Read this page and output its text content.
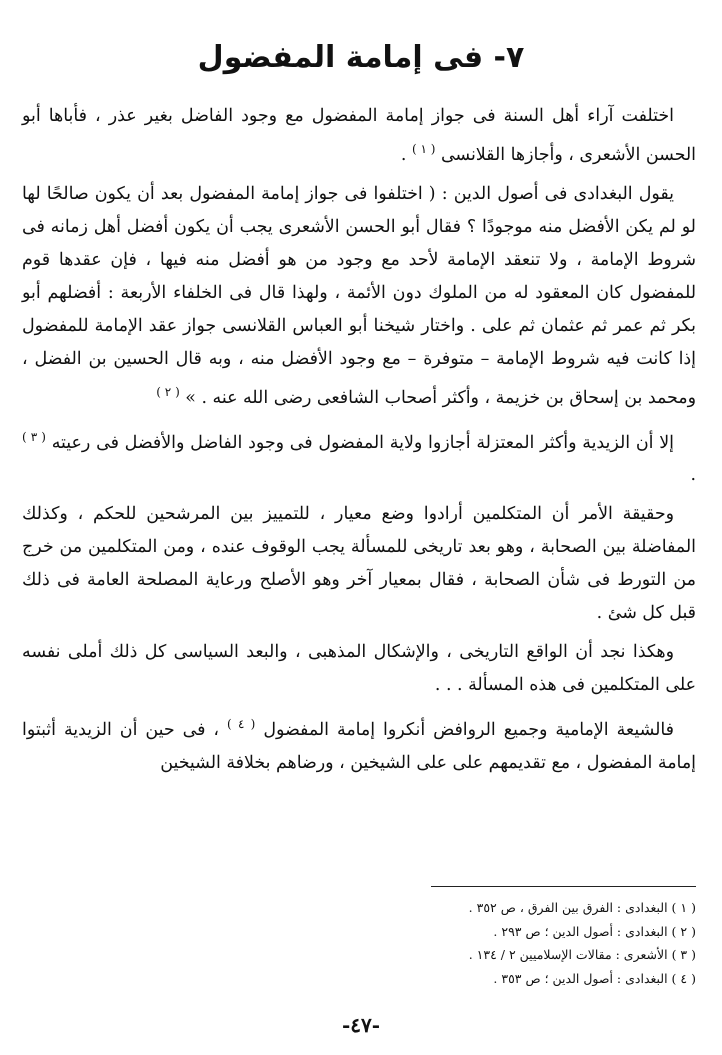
٧- فى إمامة المفضول

اختلفت آراء أهل السنة فى جواز إمامة المفضول مع وجود الفاضل بغير عذر ، فأباها أبو الحسن الأشعرى ، وأجازها القلانسى $^{( ١ )}$ .

يقول البغدادى فى أصول الدين : ( اختلفوا فى جواز إمامة المفضول بعد أن يكون صالحًا لها لو لم يكن الأفضل منه موجودًا ؟ فقال أبو الحسن الأشعرى يجب أن يكون أفضل أهل زمانه فى شروط الإمامة ، ولا تنعقد الإمامة لأحد مع وجود من هو أفضل منه فيها ، فإن عقدها قوم للمفضول كان المعقود له من الملوك دون الأئمة ، ولهذا قال فى الخلفاء الأربعة : أفضلهم أبو بكر ثم عمر ثم عثمان ثم على . واختار شيخنا أبو العباس القلانسى جواز عقد الإمامة للمفضول إذا كانت فيه شروط الإمامة – متوفرة – مع وجود الأفضل منه ، وبه قال الحسين بن الفضل ، ومحمد بن إسحاق بن خزيمة ، وأكثر أصحاب الشافعى رضى الله عنه . » $^{( ٢ )}$

إلا أن الزيدية وأكثر المعتزلة أجازوا ولاية المفضول فى وجود الفاضل والأفضل فى رعيته $^{( ٣ )}$ .

وحقيقة الأمر أن المتكلمين أرادوا وضع معيار ، للتمييز بين المرشحين للحكم ، وكذلك المفاضلة بين الصحابة ، وهو بعد تاريخى للمسألة يجب الوقوف عنده ، ومن المتكلمين من خرج من التورط فى شأن الصحابة ، فقال بمعيار آخر وهو الأصلح ورعاية المصلحة العامة فى ذلك قبل كل شئ .

وهكذا نجد أن الواقع التاريخى ، والإشكال المذهبى ، والبعد السياسى كل ذلك أملى نفسه على المتكلمين فى هذه المسألة . . .

فالشيعة الإمامية وجميع الروافض أنكروا إمامة المفضول $^{( ٤ )}$ ، فى حين أن الزيدية أثبتوا إمامة المفضول ، مع تقديمهم على على الشيخين ، ورضاهم بخلافة الشيخين

( ١ ) البغدادى : الفرق بين الفرق ، ص ٣٥٢ .
( ٢ ) البغدادى : أصول الدين ؛ ص ٢٩٣ .
( ٣ ) الأشعرى : مقالات الإسلاميين ٢ / ١٣٤ .
( ٤ ) البغدادى : أصول الدين ؛ ص ٣٥٣ .
-٤٧-
